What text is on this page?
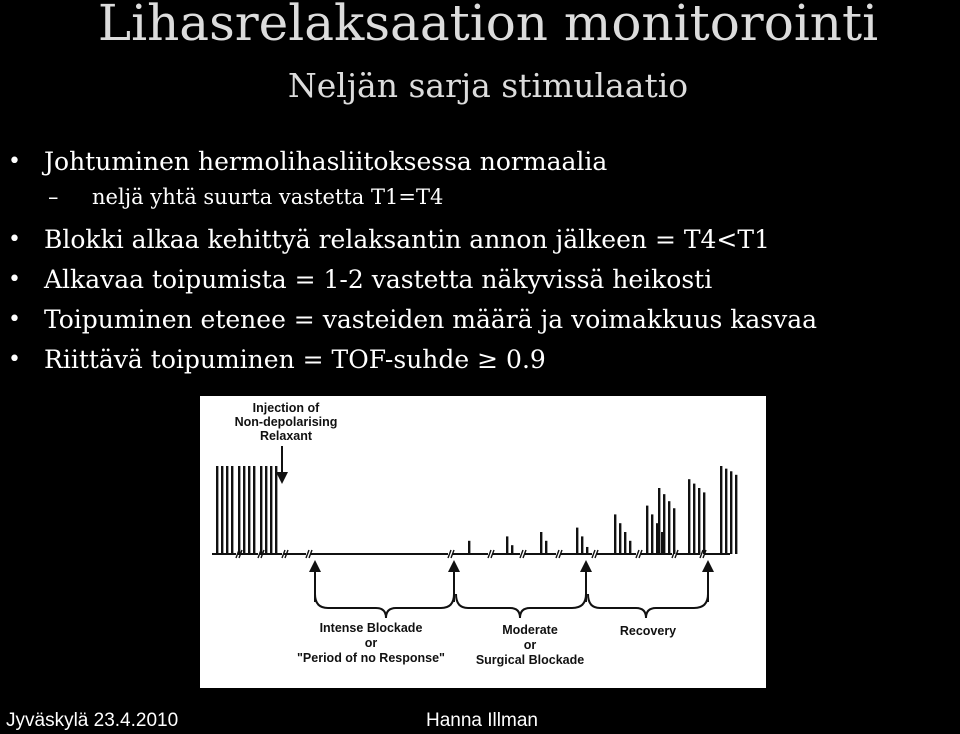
Lihasrelaksaation monitorointi
Neljän sarja stimulaatio
• Johtuminen hermolihasliitoksessa normaalia
– neljä yhtä suurta vastetta T1=T4
• Blokki alkaa kehittyä relaksantin annon jälkeen = T4<T1
• Alkavaa toipumista = 1-2 vastetta näkyvissä heikosti
• Toipuminen etenee = vasteiden määrä ja voimakkuus kasvaa
• Riittävä toipuminen = TOF-suhde ≥ 0.9
Injection of
Non-depolarising
Relaxant
Intense Blockade
or
"Period of no Response"
Moderate
or
Surgical Blockade
Recovery
Jyväskylä 23.4.2010	Hanna Illman
